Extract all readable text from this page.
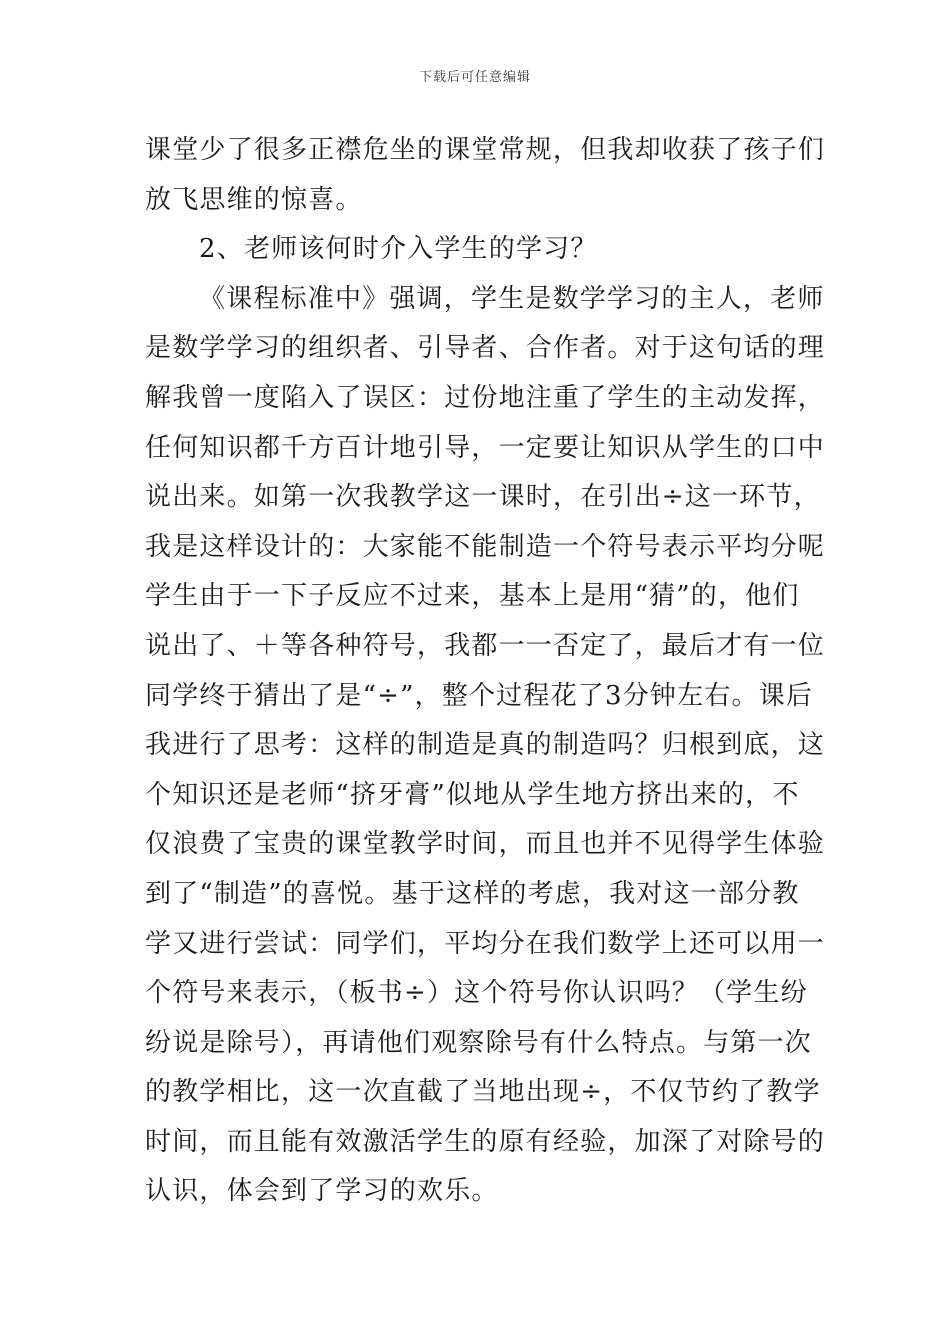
下载后可任意编辑
课堂少了很多正襟危坐的课堂常规，但我却收获了孩子们
放飞思维的惊喜。
2、老师该何时介入学生的学习？
《课程标准中》强调，学生是数学学习的主人，老师
是数学学习的组织者、引导者、合作者。对于这句话的理
解我曾一度陷入了误区：过份地注重了学生的主动发挥，
任何知识都千方百计地引导，一定要让知识从学生的口中
说出来。如第一次我教学这一课时，在引出÷这一环节，
我是这样设计的：大家能不能制造一个符号表示平均分呢
学生由于一下子反应不过来，基本上是用“猜”的，他们
说出了、＋等各种符号，我都一一否定了，最后才有一位
同学终于猜出了是“÷”，整个过程花了3分钟左右。课后
我进行了思考：这样的制造是真的制造吗？归根到底，这
个知识还是老师“挤牙膏”似地从学生地方挤出来的，不
仅浪费了宝贵的课堂教学时间，而且也并不见得学生体验
到了“制造”的喜悦。基于这样的考虑，我对这一部分教
学又进行尝试：同学们，平均分在我们数学上还可以用一
个符号来表示，（板书÷）这个符号你认识吗？（学生纷
纷说是除号），再请他们观察除号有什么特点。与第一次
的教学相比，这一次直截了当地出现÷，不仅节约了教学
时间，而且能有效激活学生的原有经验，加深了对除号的
认识，体会到了学习的欢乐。
